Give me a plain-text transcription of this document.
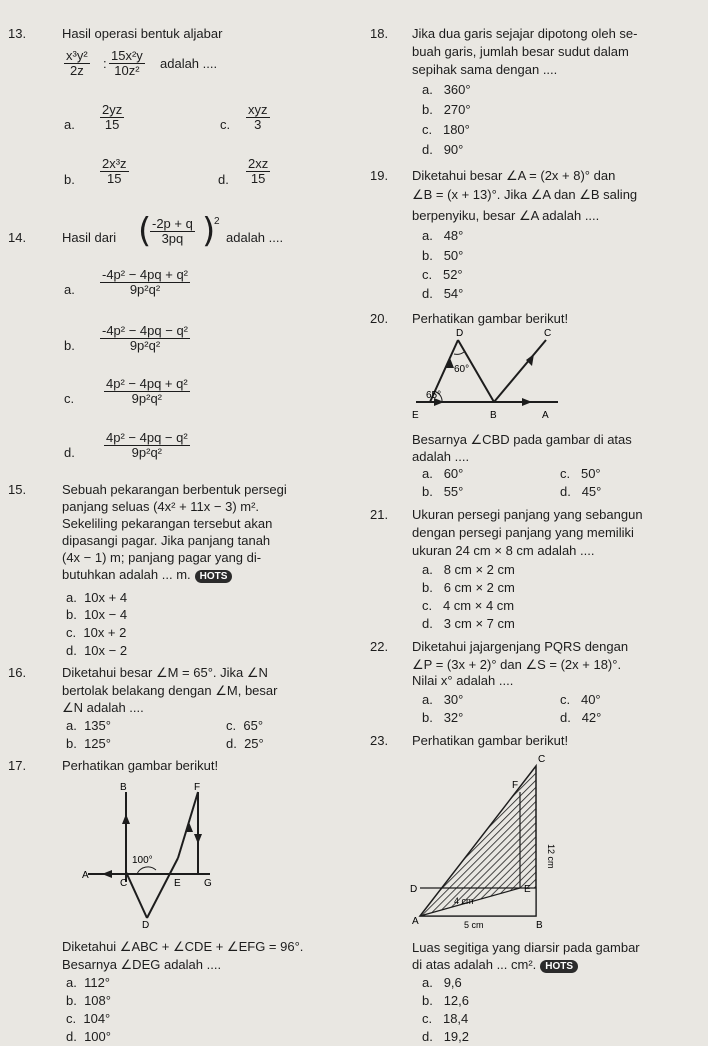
13.	Hasil operasi bentuk aljabar
$\frac{\text{x³y²}}{2z}$ : $\frac{\text{15x²y}}{\text{10z²}}$ adalah ....
a. $\frac{2yz}{15}$	c.
xyz
3
b. $\frac{\text{2x³z}}{15}$	d. $\frac{2xz}{15}$
14.	Hasil dari (
$\frac{-2p + q}{3pq}$ )
2
adalah ....
a. $\frac{\text{-4p² − 4pq + q²}}{\text{9p²q²}}$
b. $\frac{\text{-4p² − 4pq − q²}}{\text{9p²q²}}$
c. $\frac{\text{4p² − 4pq + q²}}{\text{9p²q²}}$
d. $\frac{\text{4p² − 4pq − q²}}{\text{9p²q²}}$
15.	Sebuah pekarangan berbentuk persegi
panjang seluas (4x² + 11x − 3) m².
Sekeliling pekarangan tersebut akan
dipasangi pagar. Jika panjang tanah
(4x − 1) m; panjang pagar yang di-
butuhkan adalah ... m. HOTS
a. 10x + 4
b. 10x − 4
c. 10x + 2
d. 10x − 2
16.	Diketahui besar ∠M = 65°. Jika ∠N
bertolak belakang dengan ∠M, besar
∠N adalah ....
a. 135°	c. 65°
b. 125°	d. 25°
17.	Perhatikan gambar berikut!
100°
B	F
A
C	E G
D
Diketahui ∠ABC + ∠CDE + ∠EFG = 96°.
Besarnya ∠DEG adalah ....
a. 112°
b. 108°
c. 104°
d. 100°
18. Jika dua garis sejajar dipotong oleh se-
buah garis, jumlah besar sudut dalam
sepihak sama dengan ....
a. 360°
b. 270°
c. 180°
d. 90°
19. Diketahui besar ∠A = (2x + 8)° dan
∠B = (x + 13)°. Jika ∠A dan ∠B saling
berpenyiku, besar ∠A adalah ....
a. 48°
b. 50°
c. 52°
d. 54°
20. Perhatikan gambar berikut!
D	C
E	B	A
60°
65°
Besarnya ∠CBD pada gambar di atas
adalah ....
a. 60°	c. 50°
b. 55°	d. 45°
21. Ukuran persegi panjang yang sebangun
dengan persegi panjang yang memiliki
ukuran 24 cm × 8 cm adalah ....
a. 8 cm × 2 cm
b. 6 cm × 2 cm
c. 4 cm × 4 cm
d. 3 cm × 7 cm
22. Diketahui jajargenjang PQRS dengan
∠P = (3x + 2)° dan ∠S = (2x + 18)°.
Nilai x° adalah ....
a. 30°	c. 40°
b. 32°	d. 42°
23. Perhatikan gambar berikut!
C
F
D	E
A	B
4 cm
5 cm
12 cm
Luas segitiga yang diarsir pada gambar
di atas adalah ... cm². HOTS
a. 9,6
b. 12,6
c. 18,4
d. 19,2
